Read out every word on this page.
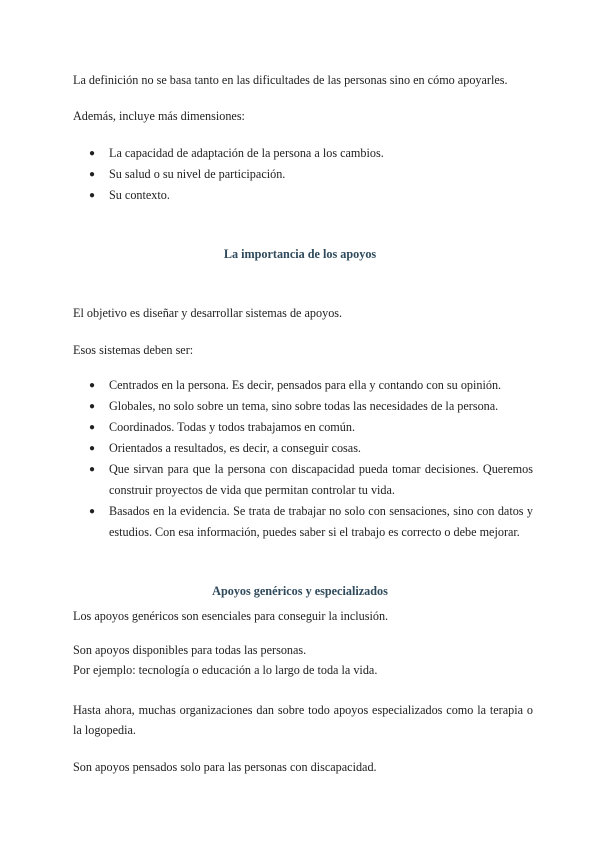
La definición no se basa tanto en las dificultades de las personas sino en cómo apoyarles.

Además, incluye más dimensiones:

● La capacidad de adaptación de la persona a los cambios.
● Su salud o su nivel de participación.
● Su contexto.
La importancia de los apoyos

El objetivo es diseñar y desarrollar sistemas de apoyos.

Esos sistemas deben ser:

● Centrados en la persona. Es decir, pensados para ella y contando con su opinión.
● Globales, no solo sobre un tema, sino sobre todas las necesidades de la persona.
● Coordinados. Todas y todos trabajamos en común.
● Orientados a resultados, es decir, a conseguir cosas.
● Que sirvan para que la persona con discapacidad pueda tomar decisiones. Queremos construir proyectos de vida que permitan controlar tu vida.
● Basados en la evidencia. Se trata de trabajar no solo con sensaciones, sino con datos y estudios. Con esa información, puedes saber si el trabajo es correcto o debe mejorar.
Apoyos genéricos y especializados

Los apoyos genéricos son esenciales para conseguir la inclusión.

Son apoyos disponibles para todas las personas.
Por ejemplo: tecnología o educación a lo largo de toda la vida.

Hasta ahora, muchas organizaciones dan sobre todo apoyos especializados como la terapia o la logopedia.

Son apoyos pensados solo para las personas con discapacidad.
